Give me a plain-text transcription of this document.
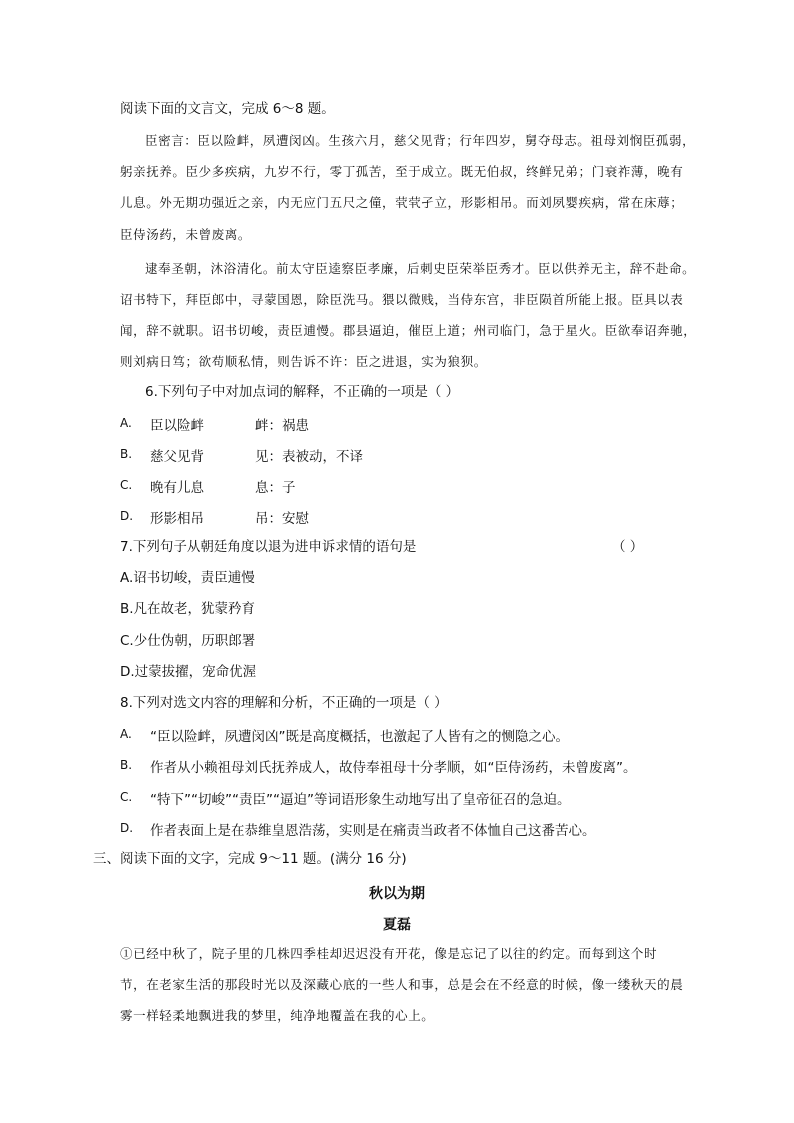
阅读下面的文言文，完成 6～8 题。
臣密言：臣以险衅，夙遭闵凶。生孩六月，慈父见背；行年四岁，舅夺母志。祖母刘悯臣孤弱，
躬亲抚养。臣少多疾病，九岁不行，零丁孤苦，至于成立。既无伯叔，终鲜兄弟；门衰祚薄，晚有
儿息。外无期功强近之亲，内无应门五尺之僮，茕茕孑立，形影相吊。而刘夙婴疾病，常在床蓐；
臣侍汤药，未曾废离。
逮奉圣朝，沐浴清化。前太守臣逵察臣孝廉，后刺史臣荣举臣秀才。臣以供养无主，辞不赴命。
诏书特下，拜臣郎中，寻蒙国恩，除臣洗马。猥以微贱，当侍东宫，非臣陨首所能上报。臣具以表
闻，辞不就职。诏书切峻，责臣逋慢。郡县逼迫，催臣上道；州司临门，急于星火。臣欲奉诏奔驰，
则刘病日笃；欲苟顺私情，则告诉不许：臣之进退，实为狼狈。
6.下列句子中对加点词的解释，不正确的一项是（ ）
A. 臣以险衅	衅：祸患
B. 慈父见背	见：表被动，不译
C. 晚有儿息	息：子
D. 形影相吊	吊：安慰
7.下列句子从朝廷角度以退为进申诉求情的语句是	（ ）
A.诏书切峻，责臣逋慢
B.凡在故老，犹蒙矜育
C.少仕伪朝，历职郎署
D.过蒙拔擢，宠命优渥
8.下列对选文内容的理解和分析，不正确的一项是（ ）
A. “臣以险衅，夙遭闵凶”既是高度概括，也激起了人皆有之的恻隐之心。
B. 作者从小赖祖母刘氏抚养成人，故侍奉祖母十分孝顺，如“臣侍汤药，未曾废离”。
C. “特下”“切峻”“责臣”“逼迫”等词语形象生动地写出了皇帝征召的急迫。
D. 作者表面上是在恭维皇恩浩荡，实则是在痛责当政者不体恤自己这番苦心。
三、阅读下面的文字，完成 9～11 题。(满分 16 分)
秋以为期
夏磊
①已经中秋了，院子里的几株四季桂却迟迟没有开花，像是忘记了以往的约定。而每到这个时
节，在老家生活的那段时光以及深藏心底的一些人和事，总是会在不经意的时候，像一缕秋天的晨
雾一样轻柔地飘进我的梦里，纯净地覆盖在我的心上。
